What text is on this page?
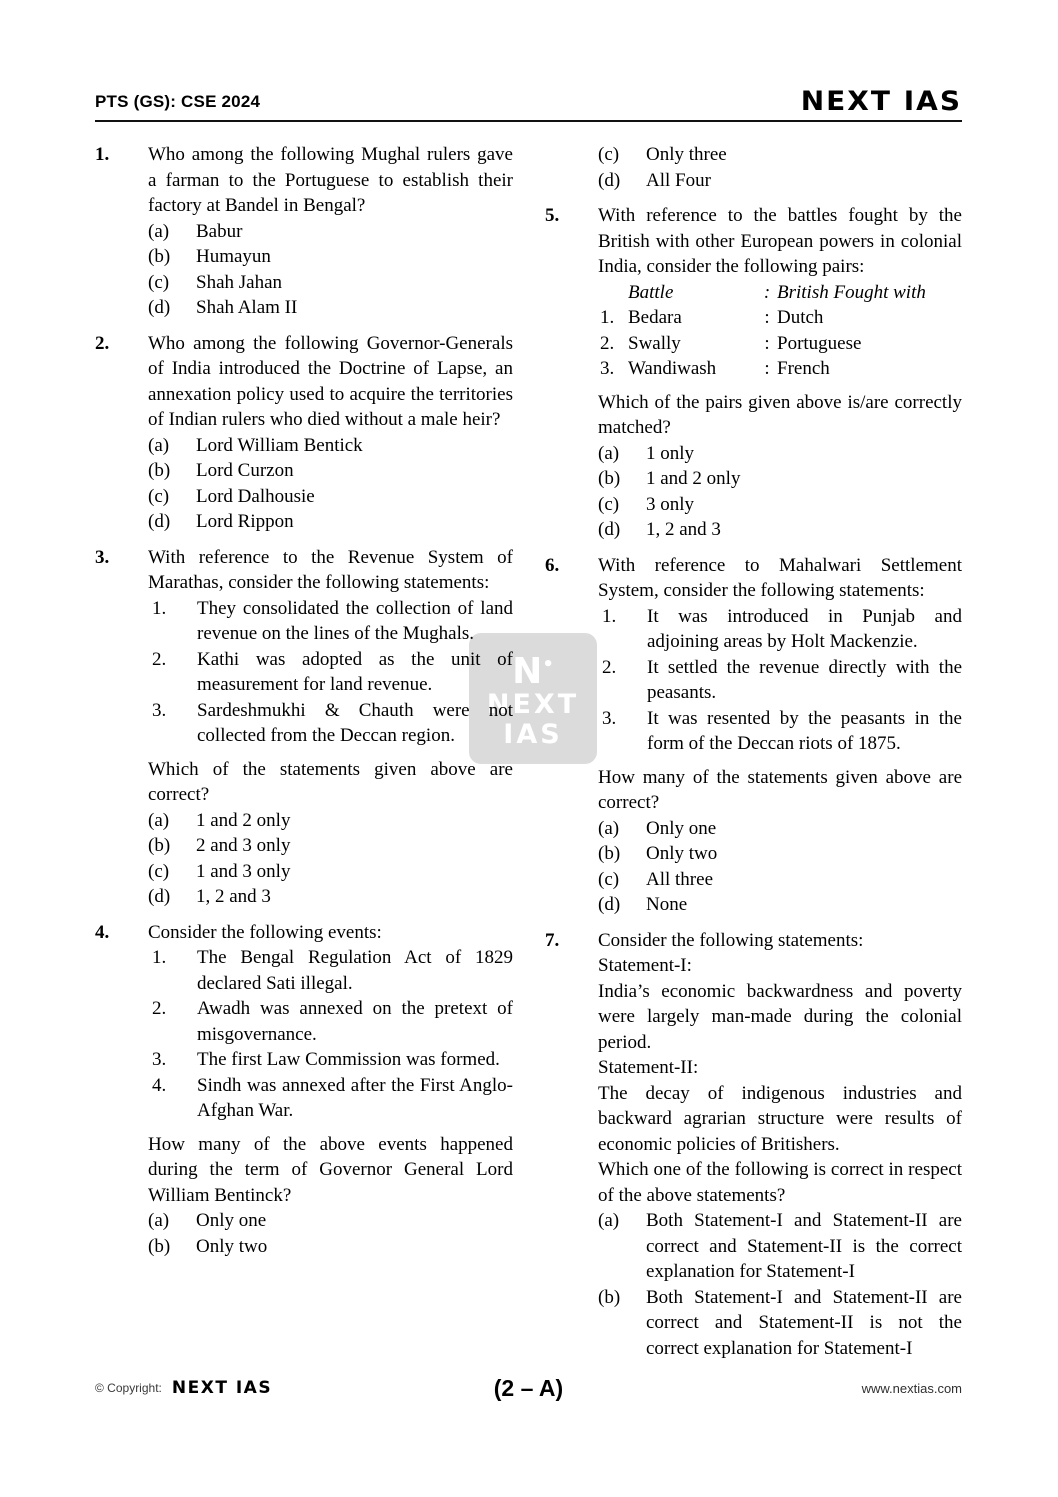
PTS (GS): CSE 2024	NEXT IAS
N•
NEXT
IAS
1.	Who among the following Mughal rulers gave a farman to the Portuguese to establish their factory at Bandel in Bengal?
(a)	Babur
(b)	Humayun
(c)	Shah Jahan
(d)	Shah Alam II
2.	Who among the following Governor-Generals of India introduced the Doctrine of Lapse, an annexation policy used to acquire the territories of Indian rulers who died without a male heir?
(a)	Lord William Bentick
(b)	Lord Curzon
(c)	Lord Dalhousie
(d)	Lord Rippon
3.	With reference to the Revenue System of Marathas, consider the following statements:
1.	They consolidated the collection of land revenue on the lines of the Mughals.
2.	Kathi was adopted as the unit of measurement for land revenue.
3.	Sardeshmukhi & Chauth were not collected from the Deccan region.
Which of the statements given above are correct?
(a)	1 and 2 only
(b)	2 and 3 only
(c)	1 and 3 only
(d)	1, 2 and 3
4.	Consider the following events:
1.	The Bengal Regulation Act of 1829 declared Sati illegal.
2.	Awadh was annexed on the pretext of misgovernance.
3.	The first Law Commission was formed.
4.	Sindh was annexed after the First Anglo-Afghan War.
How many of the above events happened during the term of Governor General Lord William Bentinck?
(a)	Only one
(b)	Only two
(c)	Only three
(d)	All Four
5.	With reference to the battles fought by the British with other European powers in colonial India, consider the following pairs:
Battle	: British Fought with
1. Bedara	: Dutch
2. Swally	: Portuguese
3. Wandiwash	: French
Which of the pairs given above is/are correctly matched?
(a)	1 only
(b)	1 and 2 only
(c)	3 only
(d)	1, 2 and 3
6.	With reference to Mahalwari Settlement System, consider the following statements:
1.	It was introduced in Punjab and adjoining areas by Holt Mackenzie.
2.	It settled the revenue directly with the peasants.
3.	It was resented by the peasants in the form of the Deccan riots of 1875.
How many of the statements given above are correct?
(a)	Only one
(b)	Only two
(c)	All three
(d)	None
7.	Consider the following statements:
Statement-I:
India’s economic backwardness and poverty were largely man-made during the colonial period.
Statement-II:
The decay of indigenous industries and backward agrarian structure were results of economic policies of Britishers.
Which one of the following is correct in respect of the above statements?
(a)	Both Statement-I and Statement-II are correct and Statement-II is the correct explanation for Statement-I
(b)	Both Statement-I and Statement-II are correct and Statement-II is not the correct explanation for Statement-I
(2 – A)
© Copyright: NEXT IAS	www.nextias.com
